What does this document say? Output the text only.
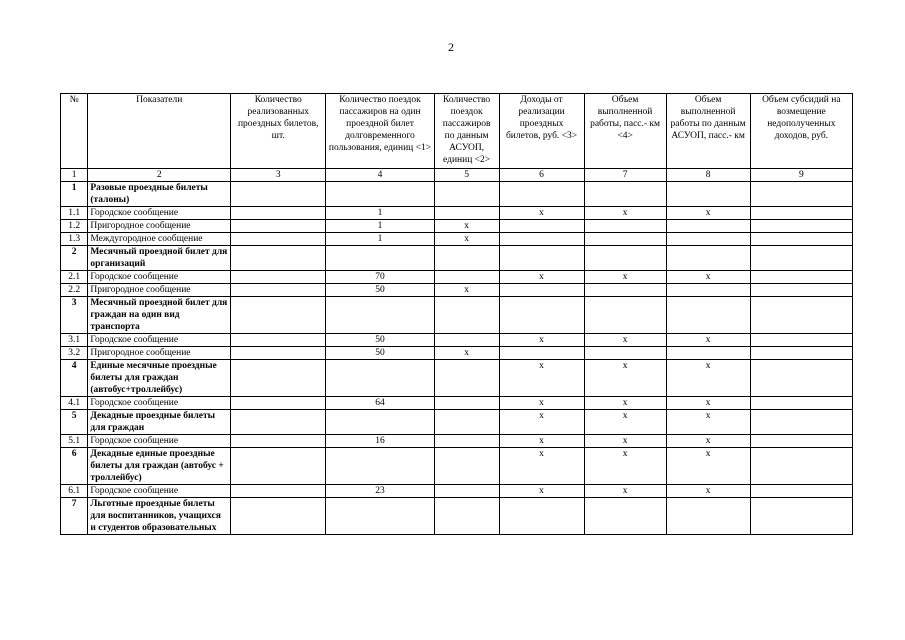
2
№	Показатели	Количество реализованных проездных билетов, шт.	Количество поездок пассажиров на один проездной билет долговременного пользования, единиц <1>	Количество поездок пассажиров по данным АСУОП, единиц <2>	Доходы от реализации проездных билетов, руб. <3>	Объем выполненной работы, пасс.- км <4>	Объем выполненной работы по данным АСУОП, пасс.- км	Объем субсидий на возмещение недополученных доходов, руб.
1	2	3	4	5	6	7	8	9
1	Разовые проездные билеты (талоны)							
1.1	Городское сообщение		1		x	x	x	
1.2	Пригородное сообщение		1	x				
1.3	Междугородное сообщение		1	x				
2	Месячный проездной билет для организаций							
2.1	Городское сообщение		70		x	x	x	
2.2	Пригородное сообщение		50	x				
3	Месячный проездной билет для граждан на один вид транспорта							
3.1	Городское сообщение		50		x	x	x	
3.2	Пригородное сообщение		50	x				
4	Единые месячные проездные билеты для граждан (автобус+троллейбус)				x	x	x	
4.1	Городское сообщение		64		x	x	x	
5	Декадные проездные билеты для граждан				x	x	x	
5.1	Городское сообщение		16		x	x	x	
6	Декадные единые проездные билеты для граждан (автобус + троллейбус)				x	x	x	
6.1	Городское сообщение		23		x	x	x	
7	Льготные проездные билеты для воспитанников, учащихся и студентов образовательных							
